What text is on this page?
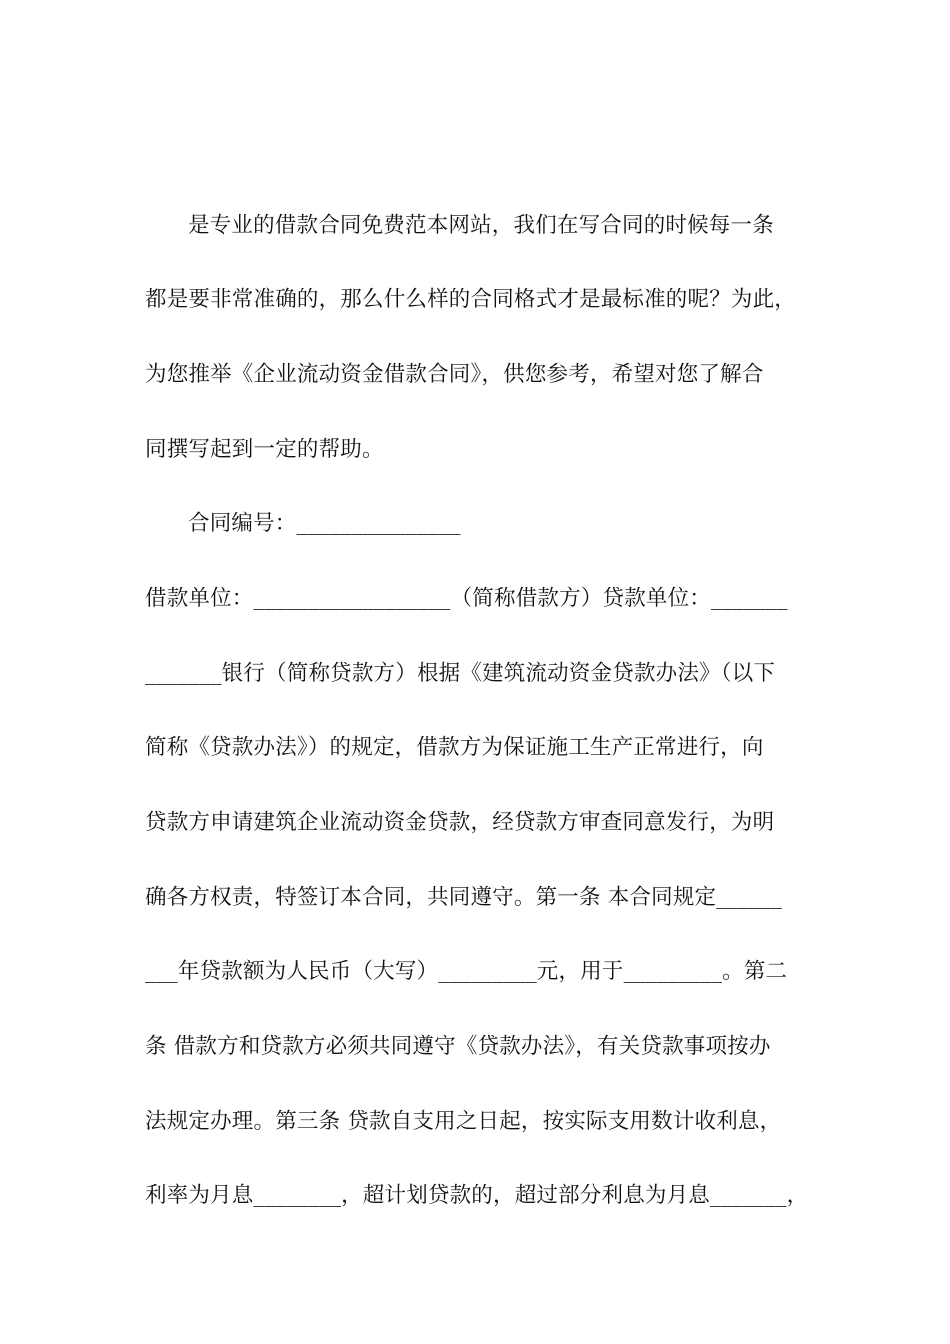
是专业的借款合同免费范本网站，我们在写合同的时候每一条
都是要非常准确的，那么什么样的合同格式才是最标准的呢？为此，
为您推举《企业流动资金借款合同》，供您参考，希望对您了解合
同撰写起到一定的帮助。
合同编号：_______________
借款单位：__________________（简称借款方）贷款单位：_______
_______银行（简称贷款方）根据《建筑流动资金贷款办法》（以下
简称《贷款办法》）的规定，借款方为保证施工生产正常进行，向
贷款方申请建筑企业流动资金贷款，经贷款方审查同意发行，为明
确各方权责，特签订本合同，共同遵守。第一条 本合同规定______
___年贷款额为人民币（大写）_________元，用于_________。第二
条 借款方和贷款方必须共同遵守《贷款办法》，有关贷款事项按办
法规定办理。第三条 贷款自支用之日起，按实际支用数计收利息，
利率为月息________，超计划贷款的，超过部分利息为月息_______，
